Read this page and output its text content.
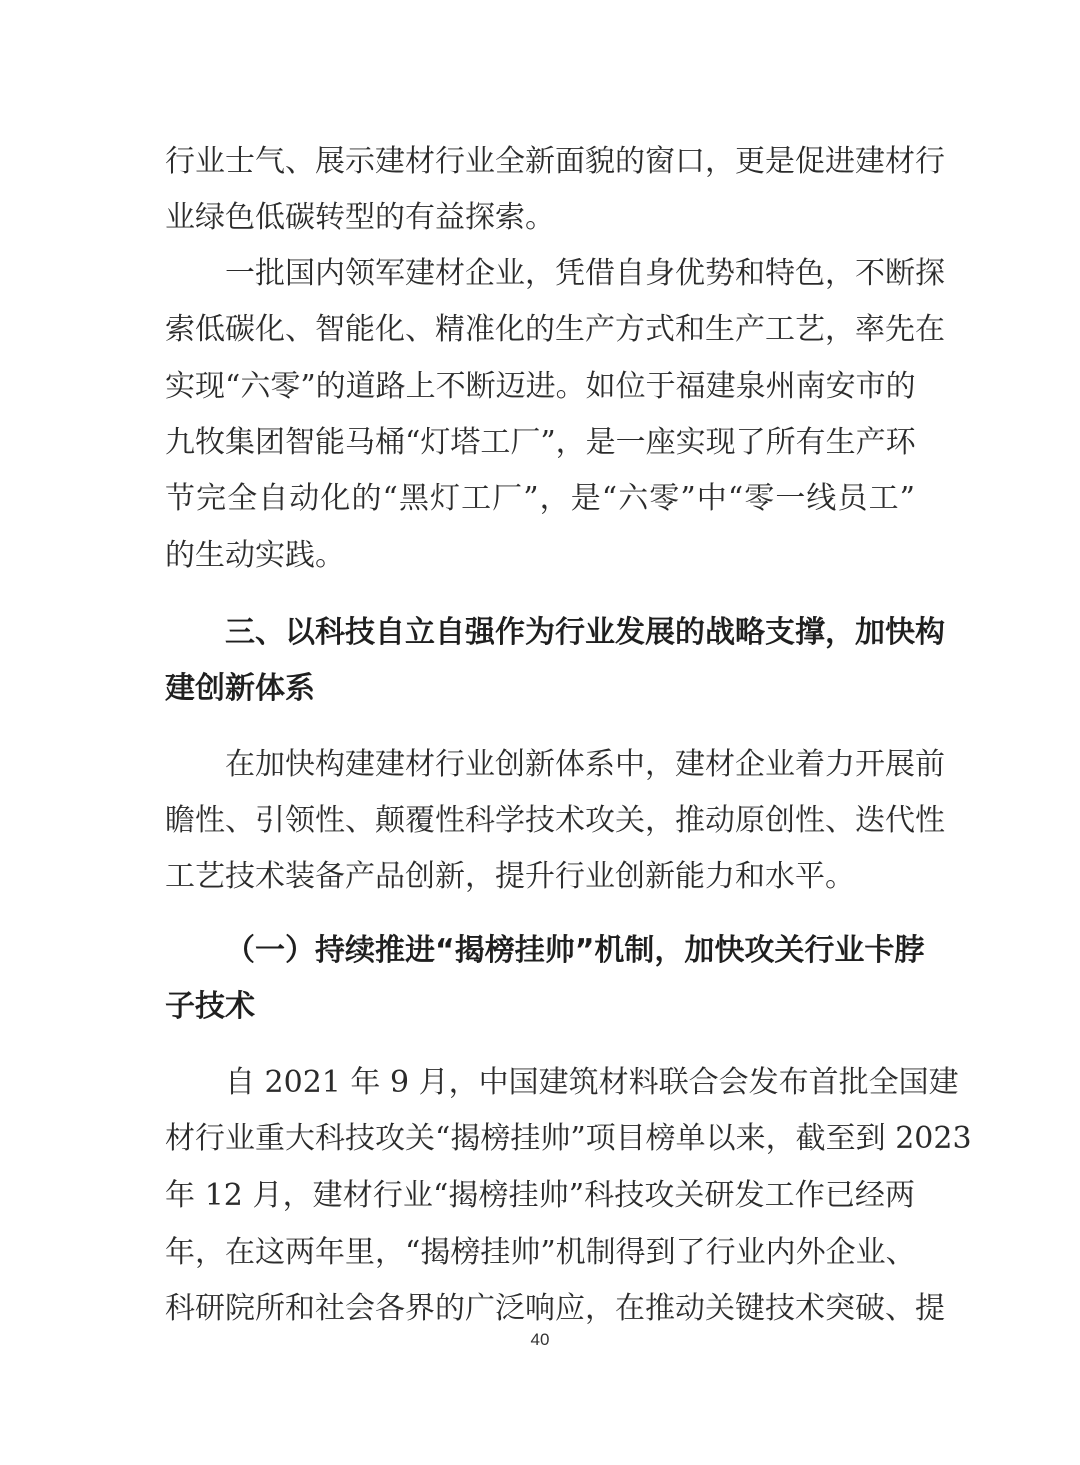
行业士气、展示建材行业全新面貌的窗口，更是促进建材行
业绿色低碳转型的有益探索。
一批国内领军建材企业，凭借自身优势和特色，不断探
索低碳化、智能化、精准化的生产方式和生产工艺，率先在
实现“六零”的道路上不断迈进。如位于福建泉州南安市的
九牧集团智能马桶“灯塔工厂”，是一座实现了所有生产环
节完全自动化的“黑灯工厂”，是“六零”中“零一线员工”
的生动实践。
三、以科技自立自强作为行业发展的战略支撑，加快构
建创新体系
在加快构建建材行业创新体系中，建材企业着力开展前
瞻性、引领性、颠覆性科学技术攻关，推动原创性、迭代性
工艺技术装备产品创新，提升行业创新能力和水平。
（一）持续推进“揭榜挂帅”机制，加快攻关行业卡脖
子技术
自 2021 年 9 月，中国建筑材料联合会发布首批全国建
材行业重大科技攻关“揭榜挂帅”项目榜单以来，截至到 2023
年 12 月，建材行业“揭榜挂帅”科技攻关研发工作已经两
年，在这两年里，“揭榜挂帅”机制得到了行业内外企业、
科研院所和社会各界的广泛响应，在推动关键技术突破、提
40
